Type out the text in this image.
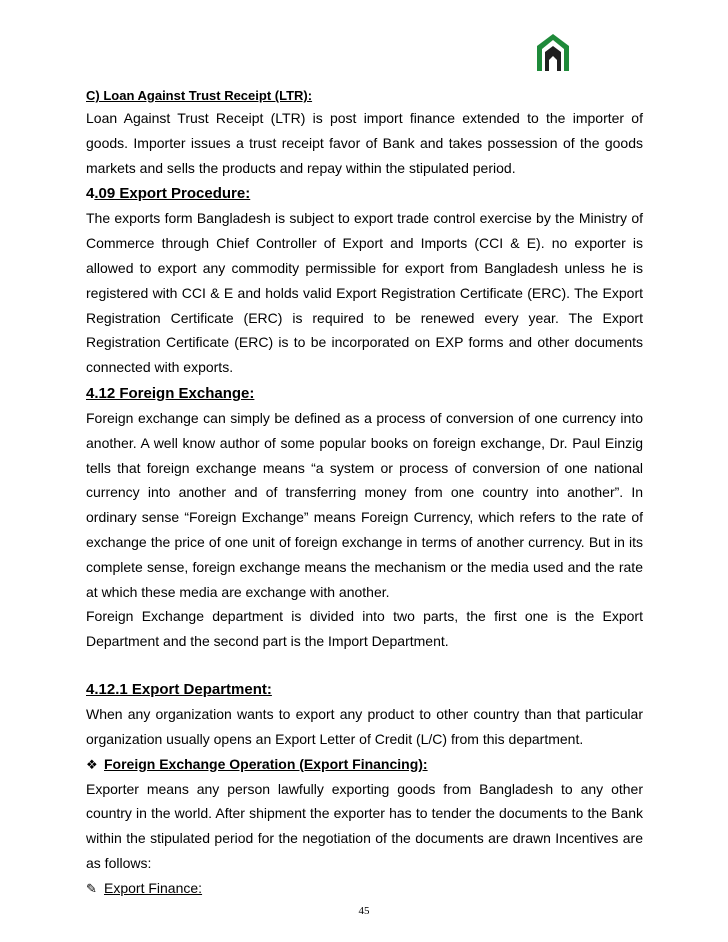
C) Loan Against Trust Receipt (LTR):

Loan Against Trust Receipt (LTR) is post import finance extended to the importer of goods. Importer issues a trust receipt favor of Bank and takes possession of the goods markets and sells the products and repay within the stipulated period.

4.09 Export Procedure:

The exports form Bangladesh is subject to export trade control exercise by the Ministry of Commerce through Chief Controller of Export and Imports (CCI & E). no exporter is allowed to export any commodity permissible for export from Bangladesh unless he is registered with CCI & E and holds valid Export Registration Certificate (ERC). The Export Registration Certificate (ERC) is required to be renewed every year. The Export Registration Certificate (ERC) is to be incorporated on EXP forms and other documents connected with exports.

4.12 Foreign Exchange:

Foreign exchange can simply be defined as a process of conversion of one currency into another. A well know author of some popular books on foreign exchange, Dr. Paul Einzig tells that foreign exchange means “a system or process of conversion of one national currency into another and of transferring money from one country into another”. In ordinary sense “Foreign Exchange” means Foreign Currency, which refers to the rate of exchange the price of one unit of foreign exchange in terms of another currency. But in its complete sense, foreign exchange means the mechanism or the media used and the rate at which these media are exchange with another.

Foreign Exchange department is divided into two parts, the first one is the Export Department and the second part is the Import Department.

4.12.1 Export Department:

When any organization wants to export any product to other country than that particular organization usually opens an Export Letter of Credit (L/C) from this department.

❖ Foreign Exchange Operation (Export Financing):

Exporter means any person lawfully exporting goods from Bangladesh to any other country in the world. After shipment the exporter has to tender the documents to the Bank within the stipulated period for the negotiation of the documents are drawn Incentives are as follows:

✎ Export Finance:

45
